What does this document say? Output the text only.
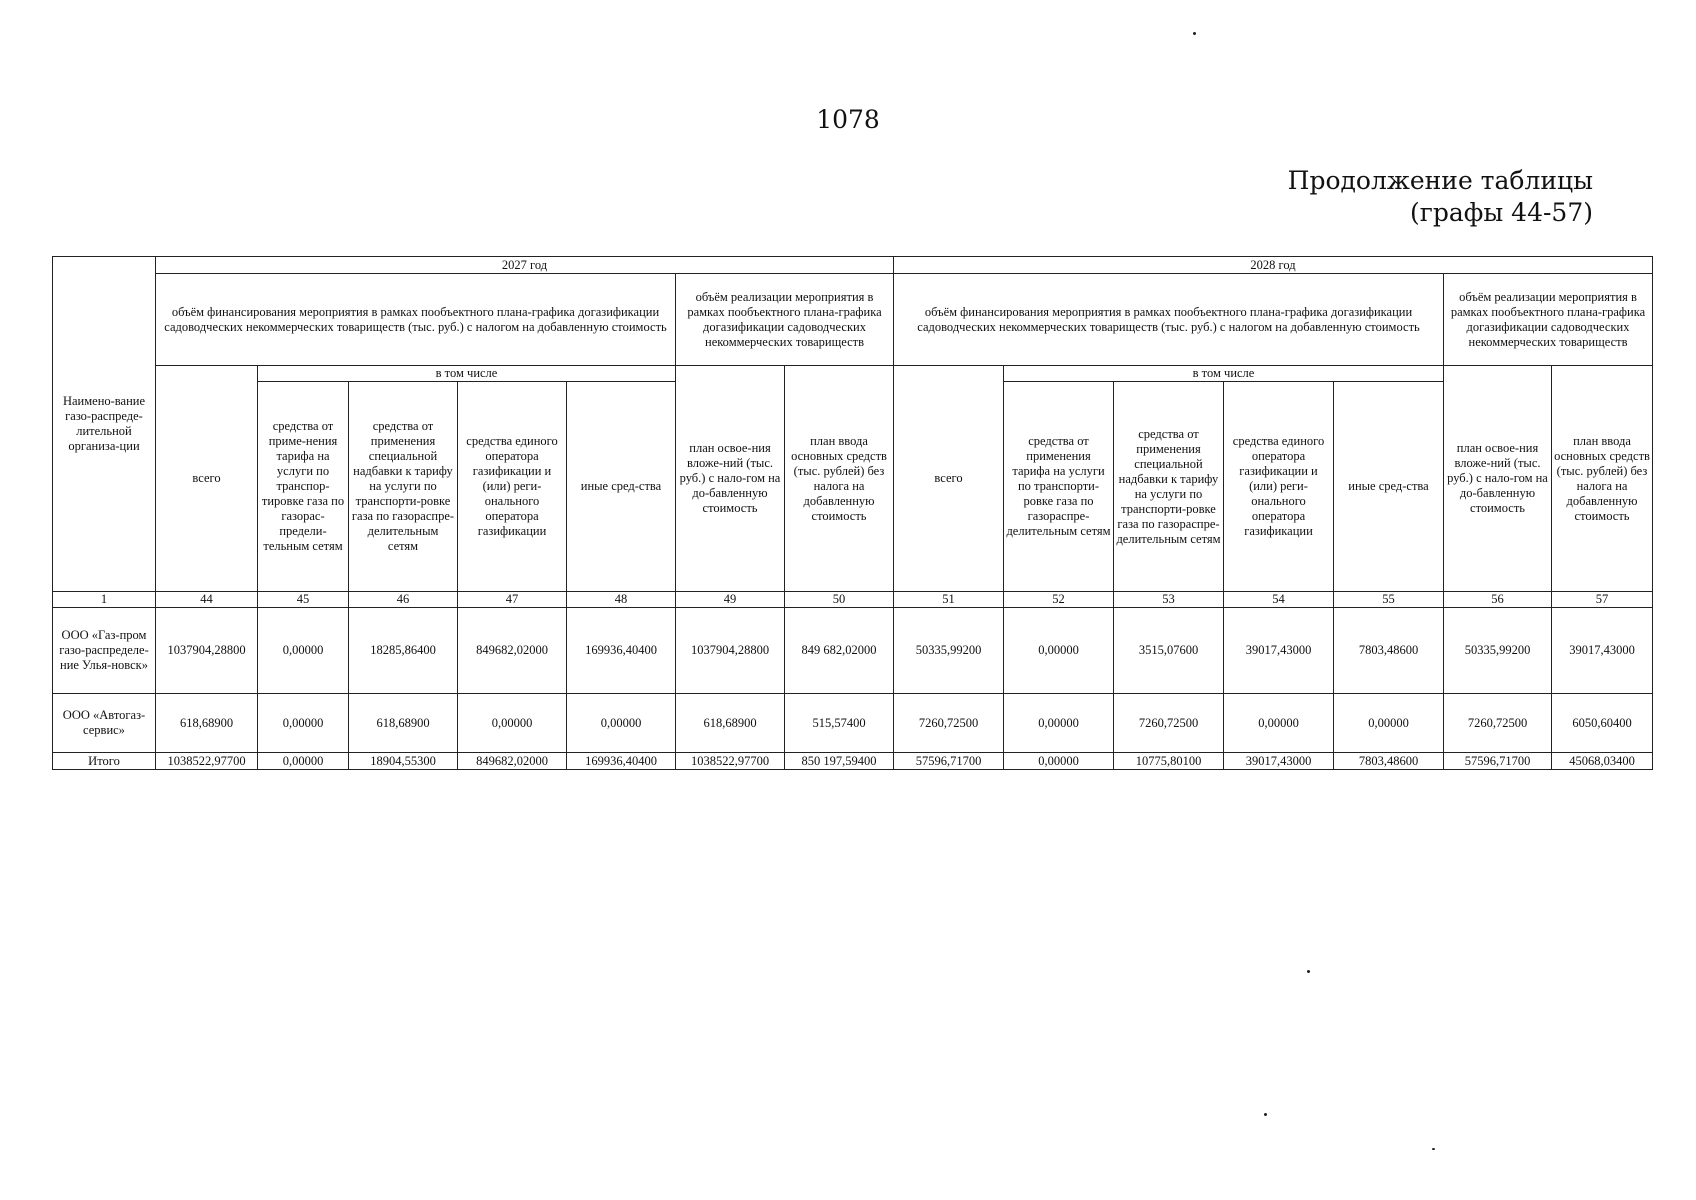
1078
Продолжение таблицы
(графы 44-57)
Наимено-вание газо-распреде-лительной организа-ции	2027 год							2028 год						
	объём финансирования мероприятия в рамках пообъектного плана-графика догазификации садоводческих некоммерческих товариществ (тыс. руб.) с налогом на добавленную стоимость					объём реализации мероприятия в рамках пообъектного плана-графика догазификации садоводческих некоммерческих товариществ		объём финансирования мероприятия в рамках пообъектного плана-графика догазификации садоводческих некоммерческих товариществ (тыс. руб.) с налогом на добавленную стоимость					объём реализации мероприятия в рамках пообъектного плана-графика догазификации садоводческих некоммерческих товариществ	
	всего	в том числе				план освое-ния вложе-ний (тыс. руб.) с нало-гом на до-бавленную стоимость	план ввода основных средств (тыс. рублей) без налога на добавленную стоимость	всего	в том числе				план освое-ния вложе-ний (тыс. руб.) с нало-гом на до-бавленную стоимость	план ввода основных средств (тыс. рублей) без налога на добавленную стоимость
		средства от приме-нения тарифа на услуги по транспор-тировке газа по газорас-предели-тельным сетям	средства от применения специальной надбавки к тарифу на услуги по транспорти-ровке газа по газораспре-делительным сетям	средства единого оператора газификации и (или) реги-онального оператора газификации	иные сред-ства				средства от применения тарифа на услуги по транспорти-ровке газа по газораспре-делительным сетям	средства от применения специальной надбавки к тарифу на услуги по транспорти-ровке газа по газораспре-делительным сетям	средства единого оператора газификации и (или) реги-онального оператора газификации	иные сред-ства		
1	44	45	46	47	48	49	50	51	52	53	54	55	56	57
ООО «Газ-пром газо-распределе-ние Улья-новск»	1037904,28800	0,00000	18285,86400	849682,02000	169936,40400	1037904,28800	849 682,02000	50335,99200	0,00000	3515,07600	39017,43000	7803,48600	50335,99200	39017,43000
ООО «Автогаз-сервис»	618,68900	0,00000	618,68900	0,00000	0,00000	618,68900	515,57400	7260,72500	0,00000	7260,72500	0,00000	0,00000	7260,72500	6050,60400
Итого	1038522,97700	0,00000	18904,55300	849682,02000	169936,40400	1038522,97700	850 197,59400	57596,71700	0,00000	10775,80100	39017,43000	7803,48600	57596,71700	45068,03400
